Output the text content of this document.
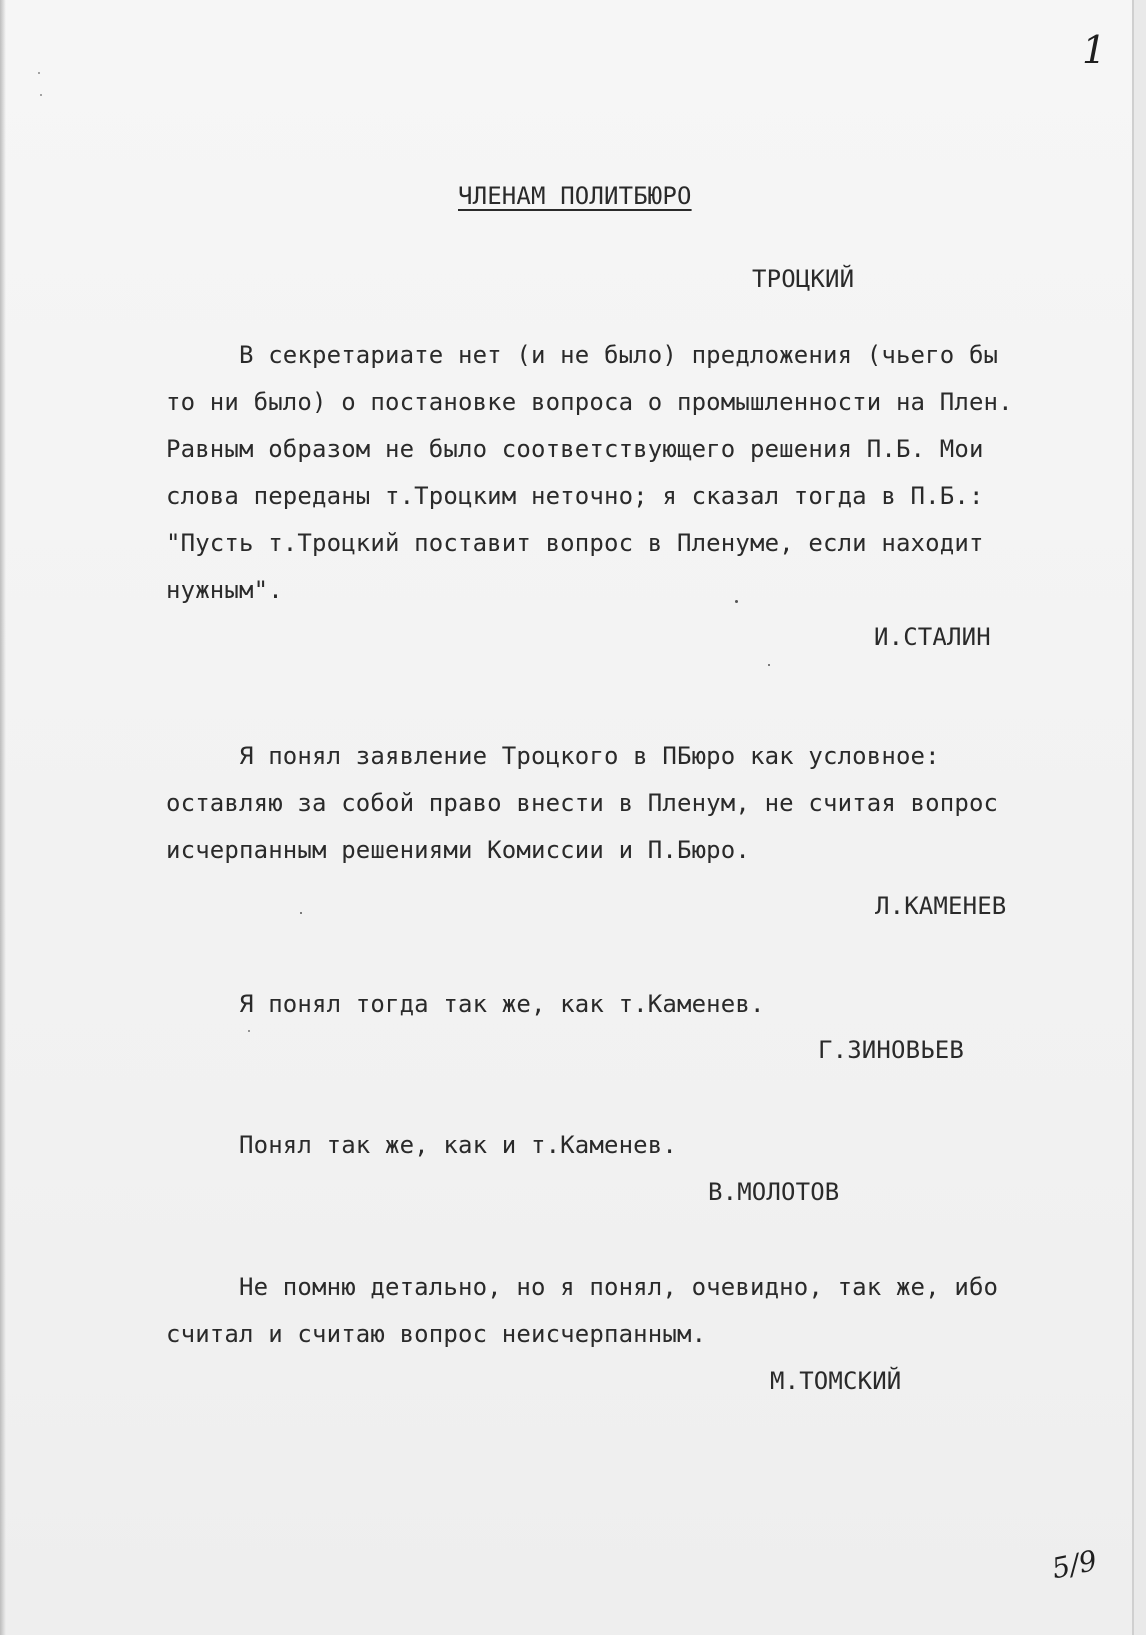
1

ЧЛЕНАМ ПОЛИТБЮРО

ТРОЦКИЙ

В секретариате нет (и не было) предложения (чьего бы

то ни было) о постановке вопроса о промышленности на Плен.

Равным образом не было соответствующего решения П.Б. Мои

слова переданы т.Троцким неточно; я сказал тогда в П.Б.:

"Пусть т.Троцкий поставит вопрос в Пленуме, если находит

нужным".

И.СТАЛИН

Я понял заявление Троцкого в ПБюро как условное:

оставляю за собой право внести в Пленум, не считая вопрос

исчерпанным решениями Комиссии и П.Бюро.

Л.КАМЕНЕВ

Я понял тогда так же, как т.Каменев.

Г.ЗИНОВЬЕВ

Понял так же, как и т.Каменев.

В.МОЛОТОВ

Не помню детально, но я понял, очевидно, так же, ибо

считал и считаю вопрос неисчерпанным.

М.ТОМСКИЙ

5/9
